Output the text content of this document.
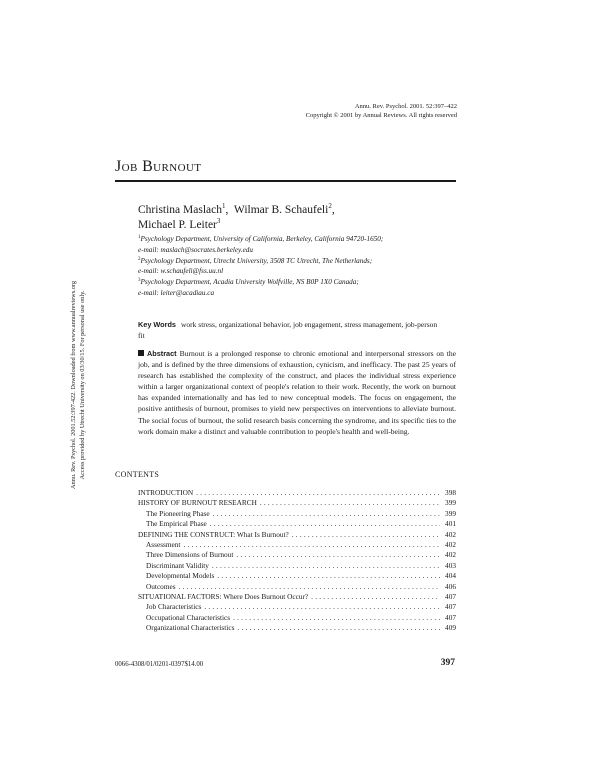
Annu. Rev. Psychol. 2001. 52:397–422
Copyright © 2001 by Annual Reviews. All rights reserved
Job Burnout
Christina Maslach$^1$,  Wilmar B. Schaufeli$^2$,
Michael P. Leiter$^3$
$^1$Psychology Department, University of California, Berkeley, California 94720-1650;
e-mail: maslach@socrates.berkeley.edu
$^2$Psychology Department, Utrecht University, 3508 TC Utrecht, The Netherlands;
e-mail: w.schaufeli@fss.uu.nl
$^3$Psychology Department, Acadia University Wolfville, NS B0P 1X0 Canada;
e-mail: leiter@acadiau.ca
Key Words work stress, organizational behavior, job engagement, stress management, job-person fit
Abstract Burnout is a prolonged response to chronic emotional and interpersonal stressors on the job, and is defined by the three dimensions of exhaustion, cynicism, and inefficacy. The past 25 years of research has established the complexity of the construct, and places the individual stress experience within a larger organizational context of people's relation to their work. Recently, the work on burnout has expanded internationally and has led to new conceptual models. The focus on engagement, the positive antithesis of burnout, promises to yield new perspectives on interventions to alleviate burnout. The social focus of burnout, the solid research basis concerning the syndrome, and its specific ties to the work domain make a distinct and valuable contribution to people's health and well-being.
CONTENTS
INTRODUCTION .....	398
HISTORY OF BURNOUT RESEARCH .....	399
The Pioneering Phase .....	399
The Empirical Phase .....	401
DEFINING THE CONSTRUCT: What Is Burnout? .....	402
Assessment .....	402
Three Dimensions of Burnout .....	402
Discriminant Validity .....	403
Developmental Models .....	404
Outcomes .....	406
SITUATIONAL FACTORS: Where Does Burnout Occur? .....	407
Job Characteristics .....	407
Occupational Characteristics .....	407
Organizational Characteristics .....	409
Annu. Rev. Psychol. 2001.52:397-422. Downloaded from www.annualreviews.org Access provided by Utrecht University on 03/30/15. For personal use only.
0066-4308/01/0201-0397$14.00	397
